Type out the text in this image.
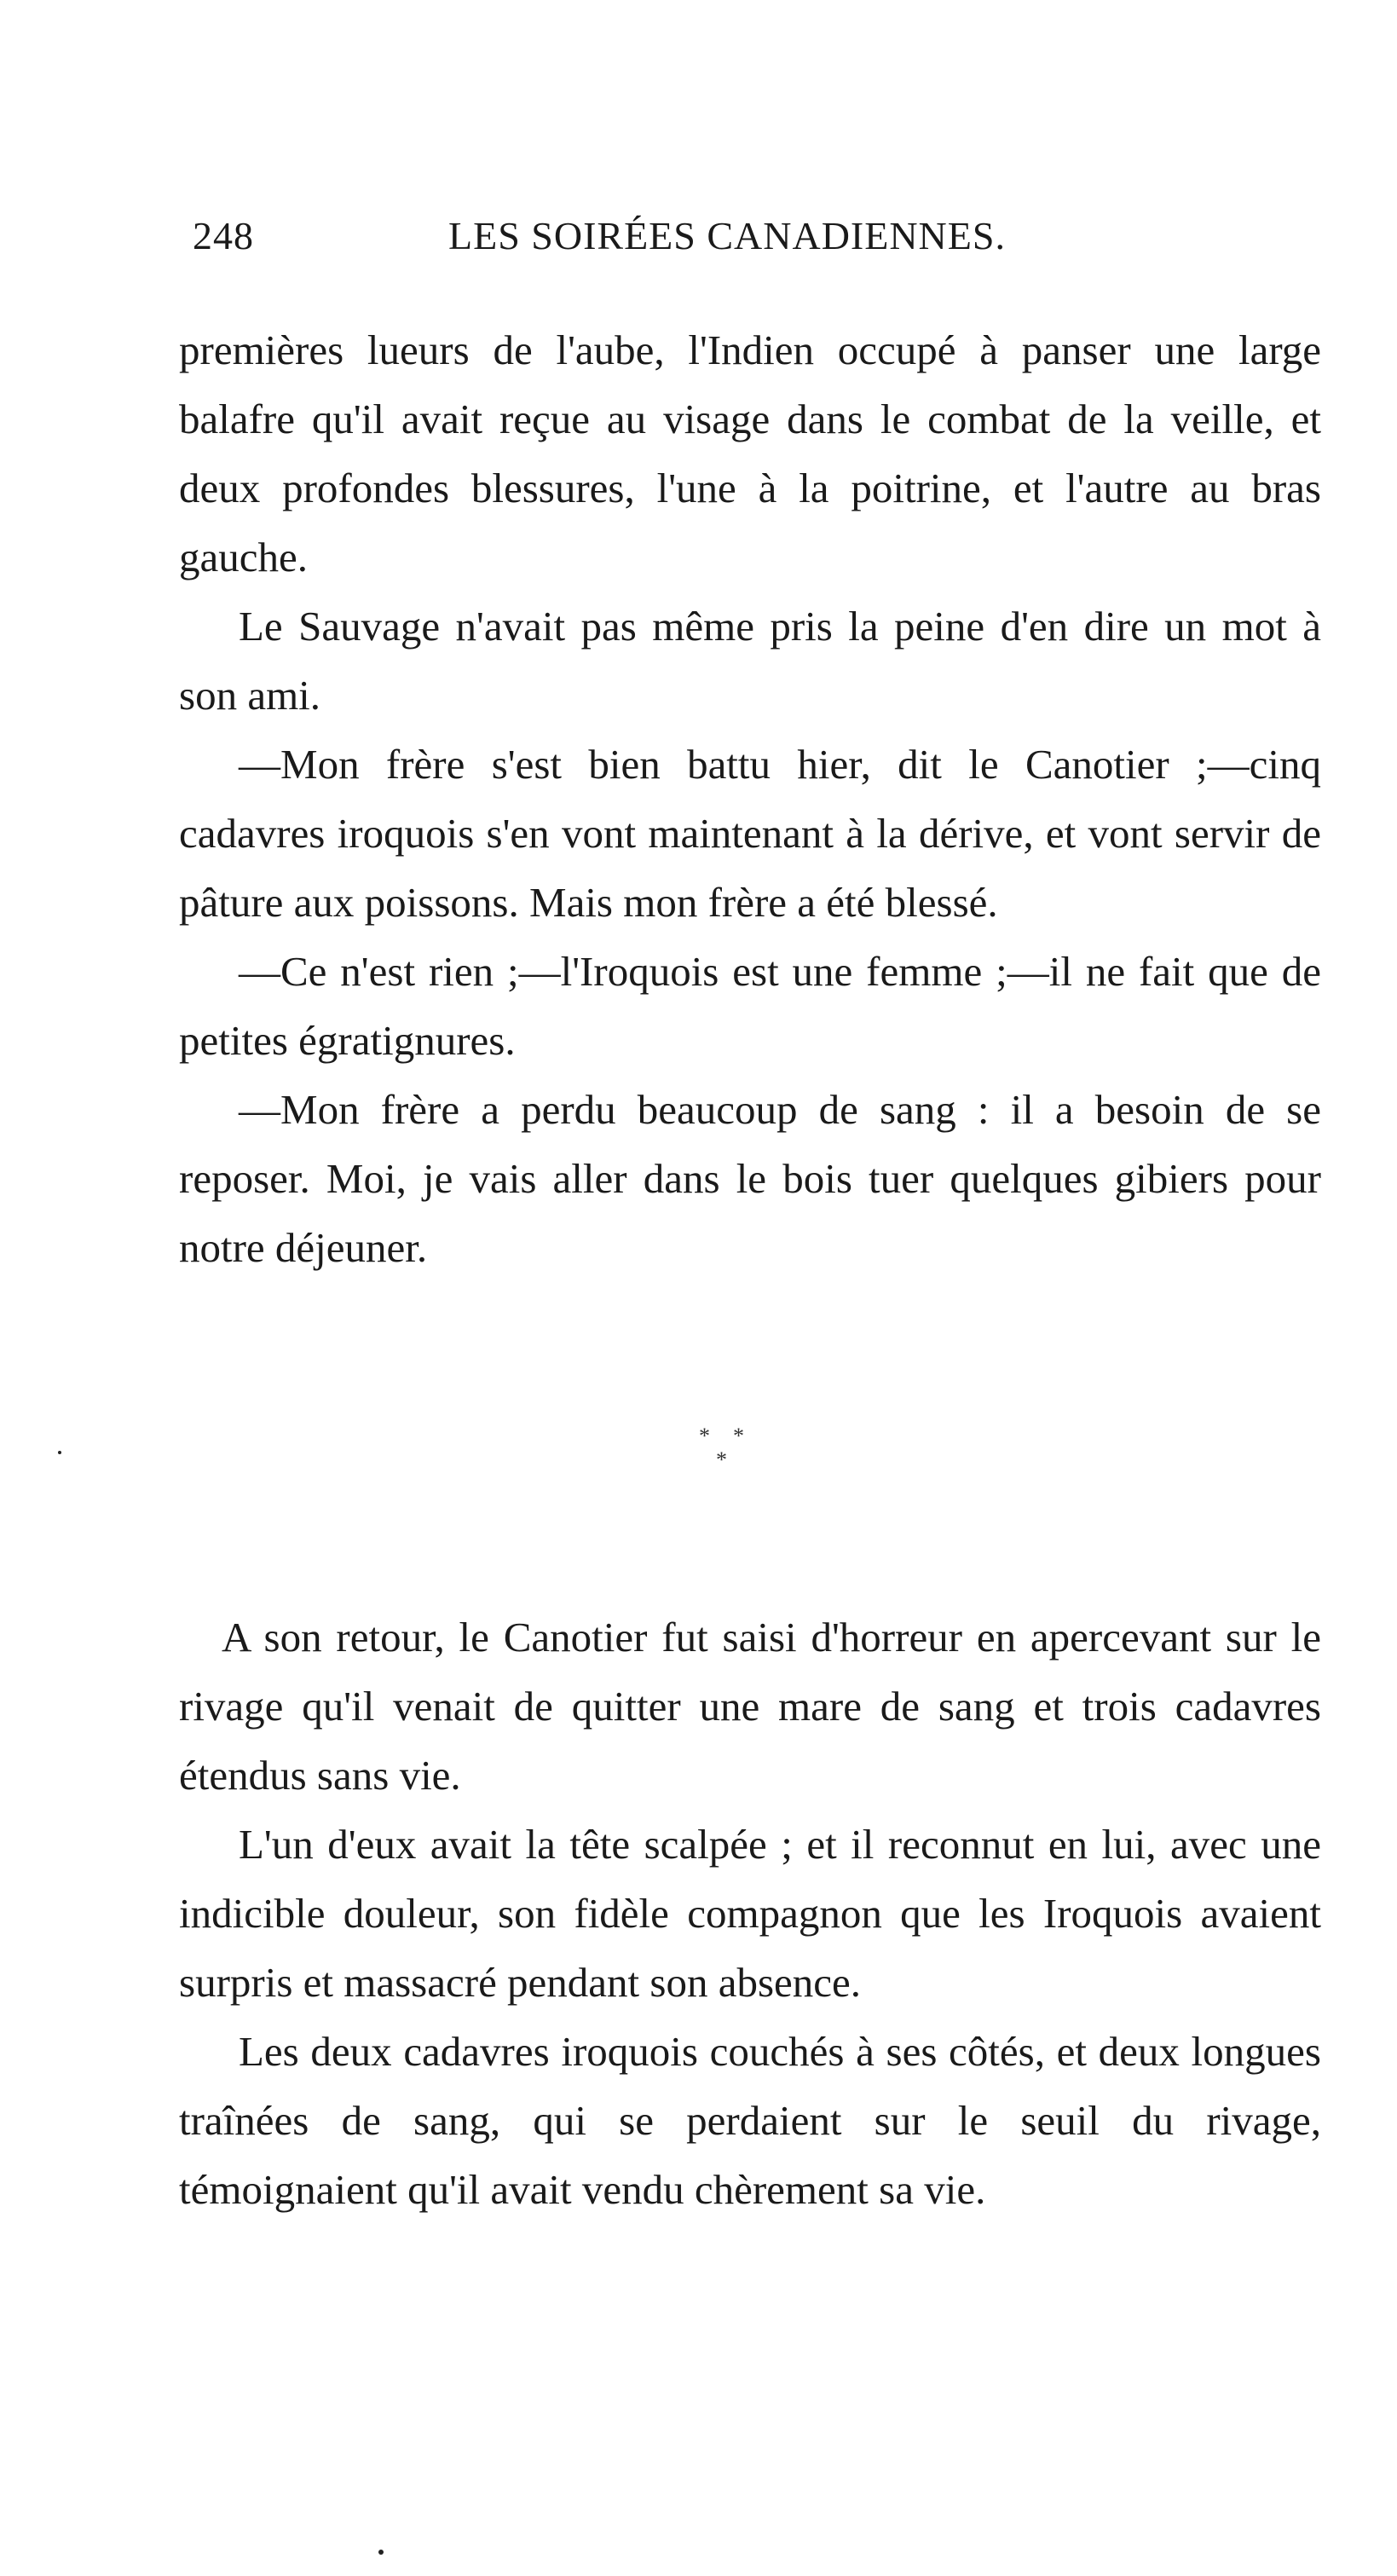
248	LES SOIRÉES CANADIENNES.

premières lueurs de l'aube, l'Indien occupé à panser une large balafre qu'il avait reçue au visage dans le combat de la veille, et deux profondes blessures, l'une à la poitrine, et l'autre au bras gauche.

Le Sauvage n'avait pas même pris la peine d'en dire un mot à son ami.

—Mon frère s'est bien battu hier, dit le Canotier ;—cinq cadavres iroquois s'en vont maintenant à la dérive, et vont servir de pâture aux poissons. Mais mon frère a été blessé.

—Ce n'est rien ;—l'Iroquois est une femme ;—il ne fait que de petites égratignures.

—Mon frère a perdu beaucoup de sang : il a besoin de se reposer. Moi, je vais aller dans le bois tuer quelques gibiers pour notre déjeuner.

* *
*

A son retour, le Canotier fut saisi d'horreur en apercevant sur le rivage qu'il venait de quitter une mare de sang et trois cadavres étendus sans vie.

L'un d'eux avait la tête scalpée ; et il reconnut en lui, avec une indicible douleur, son fidèle compagnon que les Iroquois avaient surpris et massacré pendant son absence.

Les deux cadavres iroquois couchés à ses côtés, et deux longues traînées de sang, qui se perdaient sur le seuil du rivage, témoignaient qu'il avait vendu chèrement sa vie.
